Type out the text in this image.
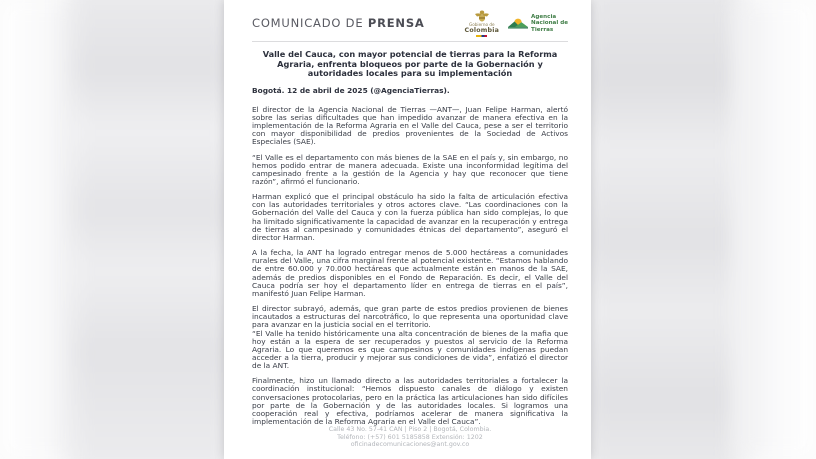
COMUNICADO DE PRENSA	Gobierno de
Colombia
Agencia
Nacional de
Tierras
Valle del Cauca, con mayor potencial de tierras para la Reforma Agraria, enfrenta bloqueos por parte de la Gobernación y autoridades locales para su implementación
Bogotá. 12 de abril de 2025 (@AgenciaTierras).

El director de la Agencia Nacional de Tierras —ANT—, Juan Felipe Harman, alertó sobre las serias dificultades que han impedido avanzar de manera efectiva en la implementación de la Reforma Agraria en el Valle del Cauca, pese a ser el territorio con mayor disponibilidad de predios provenientes de la Sociedad de Activos Especiales (SAE).

“El Valle es el departamento con más bienes de la SAE en el país y, sin embargo, no hemos podido entrar de manera adecuada. Existe una inconformidad legítima del campesinado frente a la gestión de la Agencia y hay que reconocer que tiene razón”, afirmó el funcionario.

Harman explicó que el principal obstáculo ha sido la falta de articulación efectiva con las autoridades territoriales y otros actores clave. “Las coordinaciones con la Gobernación del Valle del Cauca y con la fuerza pública han sido complejas, lo que ha limitado significativamente la capacidad de avanzar en la recuperación y entrega de tierras al campesinado y comunidades étnicas del departamento”, aseguró el director Harman.

A la fecha, la ANT ha logrado entregar menos de 5.000 hectáreas a comunidades rurales del Valle, una cifra marginal frente al potencial existente. “Estamos hablando de entre 60.000 y 70.000 hectáreas que actualmente están en manos de la SAE, además de predios disponibles en el Fondo de Reparación. Es decir, el Valle del Cauca podría ser hoy el departamento líder en entrega de tierras en el país”, manifestó Juan Felipe Harman.

El director subrayó, además, que gran parte de estos predios provienen de bienes incautados a estructuras del narcotráfico, lo que representa una oportunidad clave para avanzar en la justicia social en el territorio.

“El Valle ha tenido históricamente una alta concentración de bienes de la mafia que hoy están a la espera de ser recuperados y puestos al servicio de la Reforma Agraria. Lo que queremos es que campesinos y comunidades indígenas puedan acceder a la tierra, producir y mejorar sus condiciones de vida”, enfatizó el director de la ANT.

Finalmente, hizo un llamado directo a las autoridades territoriales a fortalecer la coordinación institucional: “Hemos dispuesto canales de diálogo y existen conversaciones protocolarias, pero en la práctica las articulaciones han sido difíciles por parte de la Gobernación y de las autoridades locales. Si logramos una cooperación real y efectiva, podríamos acelerar de manera significativa la implementación de la Reforma Agraria en el Valle del Cauca”.

Calle 43 No. 57-41 CAN | Piso 2 | Bogotá, Colombia.
Teléfono: (+57) 601 5185858 Extensión: 1202
oficinadecomunicaciones@ant.gov.co
